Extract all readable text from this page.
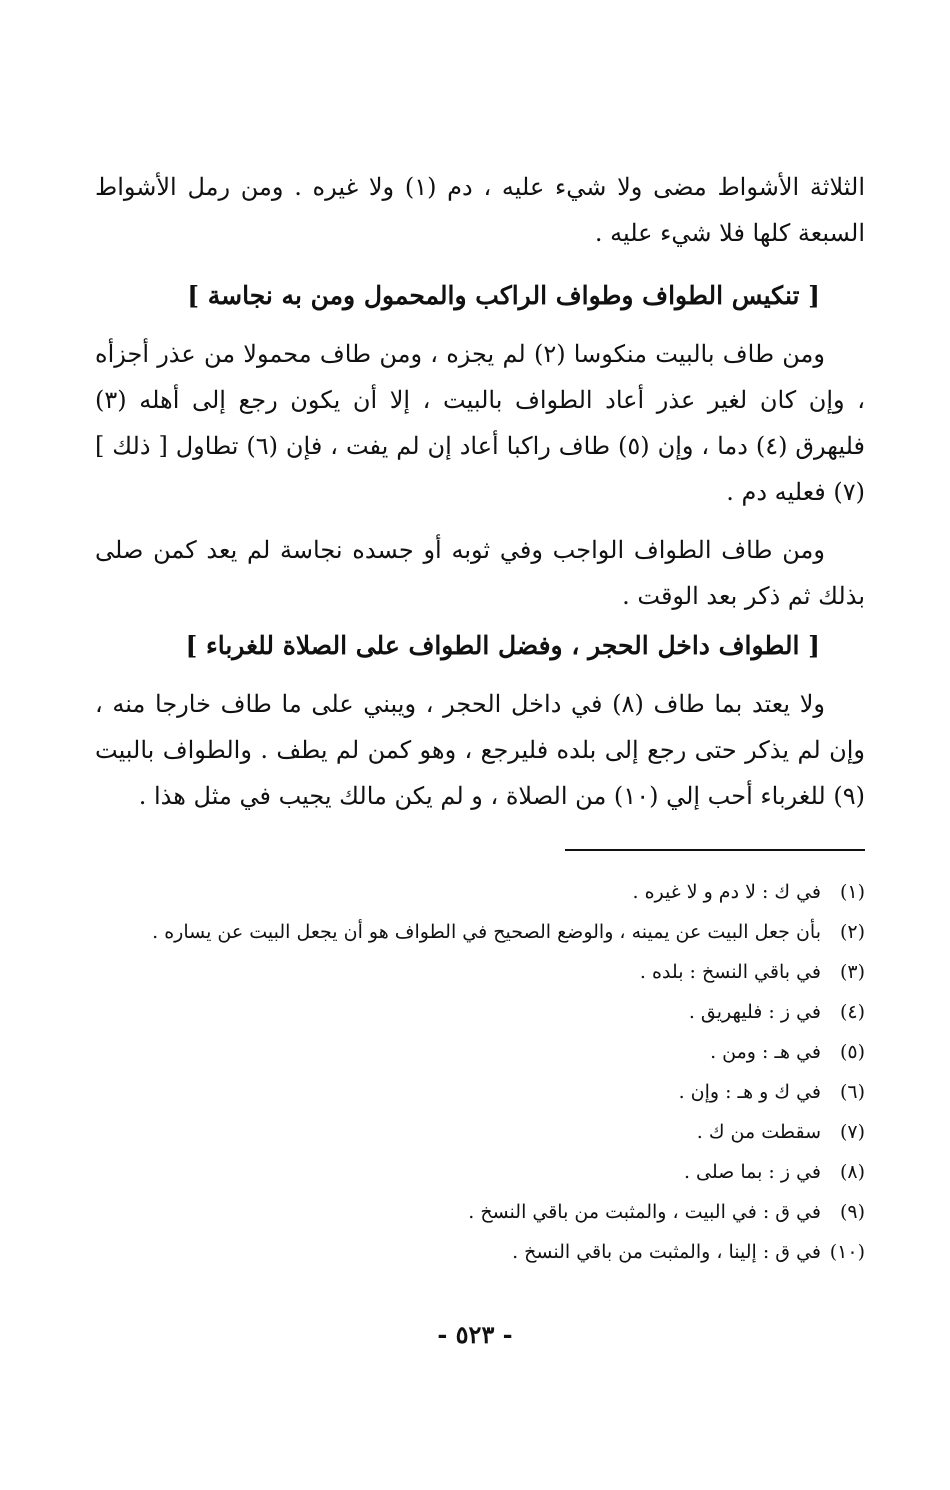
الثلاثة الأشواط مضى ولا شيء عليه ، دم (١) ولا غيره . ومن رمل الأشواط السبعة كلها فلا شيء عليه .

[ تنكيس الطواف وطواف الراكب والمحمول ومن به نجاسة ]

ومن طاف بالبيت منكوسا (٢) لم يجزه ، ومن طاف محمولا من عذر أجزأه ، وإن كان لغير عذر أعاد الطواف بالبيت ، إلا أن يكون رجع إلى أهله (٣) فليهرق (٤) دما ، وإن (٥) طاف راكبا أعاد إن لم يفت ، فإن (٦) تطاول [ ذلك ] (٧) فعليه دم .

ومن طاف الطواف الواجب وفي ثوبه أو جسده نجاسة لم يعد كمن صلى بذلك ثم ذكر بعد الوقت .

[ الطواف داخل الحجر ، وفضل الطواف على الصلاة للغرباء ]

ولا يعتد بما طاف (٨) في داخل الحجر ، ويبني على ما طاف خارجا منه ، وإن لم يذكر حتى رجع إلى بلده فليرجع ، وهو كمن لم يطف . والطواف بالبيت (٩) للغرباء أحب إلي (١٠) من الصلاة ، و لم يكن مالك يجيب في مثل هذا .

(١)في ك : لا دم و لا غيره .
(٢)بأن جعل البيت عن يمينه ، والوضع الصحيح في الطواف هو أن يجعل البيت عن يساره .
(٣)في باقي النسخ : بلده .
(٤)في ز : فليهريق .
(٥)في هـ : ومن .
(٦)في ك و هـ : وإن .
(٧)سقطت من ك .
(٨)في ز : بما صلى .
(٩)في ق : في البيت ، والمثبت من باقي النسخ .
(١٠)في ق : إلينا ، والمثبت من باقي النسخ .
- ٥٢٣ -
